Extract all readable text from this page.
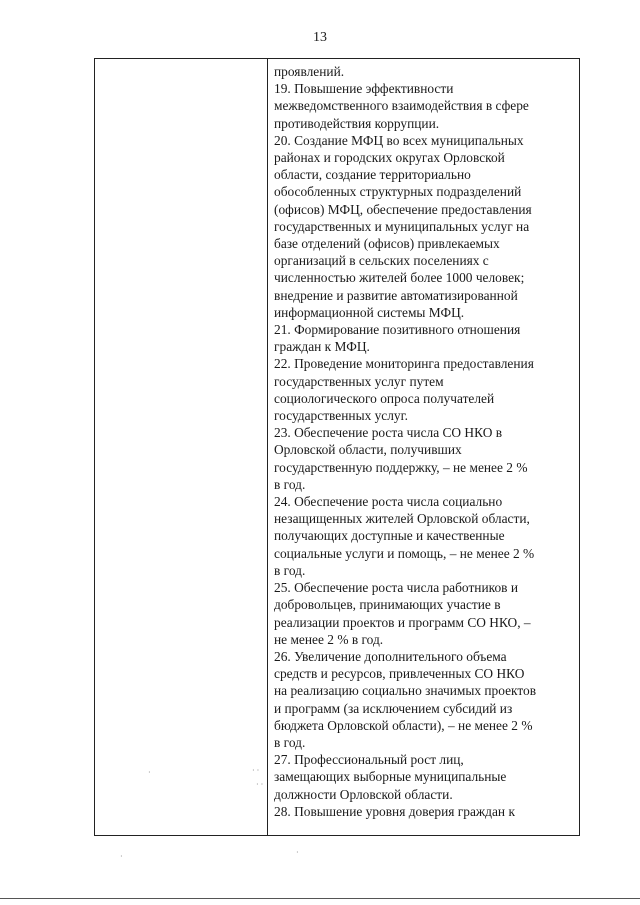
13
проявлений.
19. Повышение эффективности
межведомственного взаимодействия в сфере
противодействия коррупции.
20. Создание МФЦ во всех муниципальных
районах и городских округах Орловской
области, создание территориально
обособленных структурных подразделений
(офисов) МФЦ, обеспечение предоставления
государственных и муниципальных услуг на
базе отделений (офисов) привлекаемых
организаций в сельских поселениях с
численностью жителей более 1000 человек;
внедрение и развитие автоматизированной
информационной системы МФЦ.
21. Формирование позитивного отношения
граждан к МФЦ.
22. Проведение мониторинга предоставления
государственных услуг путем
социологического опроса получателей
государственных услуг.
23. Обеспечение роста числа СО НКО в
Орловской области, получивших
государственную поддержку, – не менее 2 %
в год.
24. Обеспечение роста числа социально
незащищенных жителей Орловской области,
получающих доступные и качественные
социальные услуги и помощь, – не менее 2 %
в год.
25. Обеспечение роста числа работников и
добровольцев, принимающих участие в
реализации проектов и программ СО НКО, –
не менее 2 % в год.
26. Увеличение дополнительного объема
средств и ресурсов, привлеченных СО НКО
на реализацию социально значимых проектов
и программ (за исключением субсидий из
бюджета Орловской области), – не менее 2 %
в год.
27. Профессиональный рост лиц,
замещающих выборные муниципальные
должности Орловской области.
28. Повышение уровня доверия граждан к
·	· ·
· ·
·	·
